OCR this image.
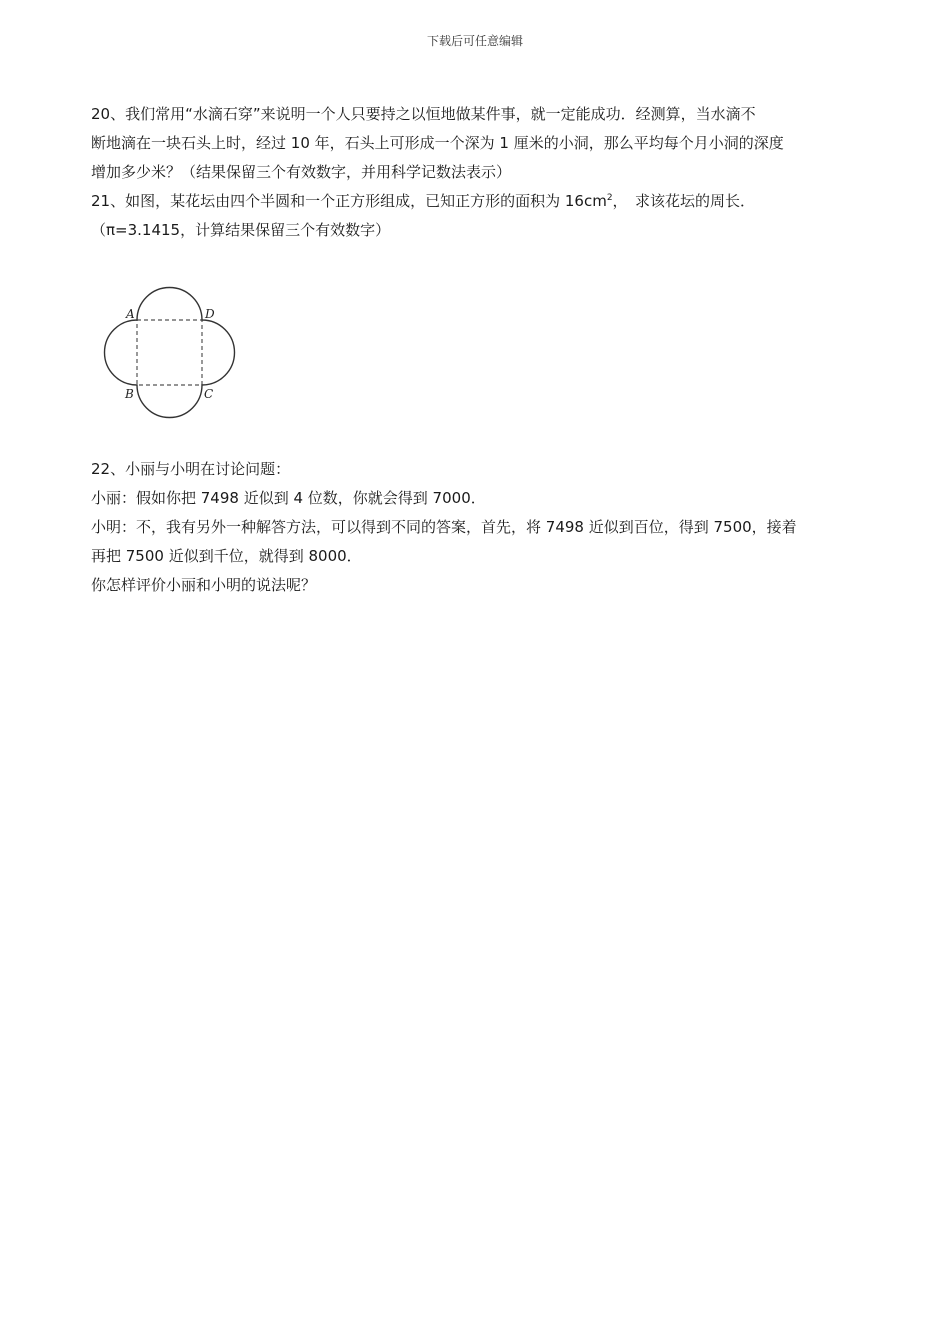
下载后可任意编辑

20、我们常用“水滴石穿”来说明一个人只要持之以恒地做某件事，就一定能成功．经测算，当水滴不

断地滴在一块石头上时，经过 10 年，石头上可形成一个深为 1 厘米的小洞，那么平均每个月小洞的深度

增加多少米？（结果保留三个有效数字，并用科学记数法表示）

21、如图，某花坛由四个半圆和一个正方形组成，已知正方形的面积为 $16cm^2$，　求该花坛的周长．

（π=3.1415，计算结果保留三个有效数字）

A	D
B	C

22、小丽与小明在讨论问题：

小丽：假如你把 7498 近似到 4 位数，你就会得到 7000．

小明：不，我有另外一种解答方法，可以得到不同的答案，首先，将 7498 近似到百位，得到 7500，接着

再把 7500 近似到千位，就得到 8000．

你怎样评价小丽和小明的说法呢？
